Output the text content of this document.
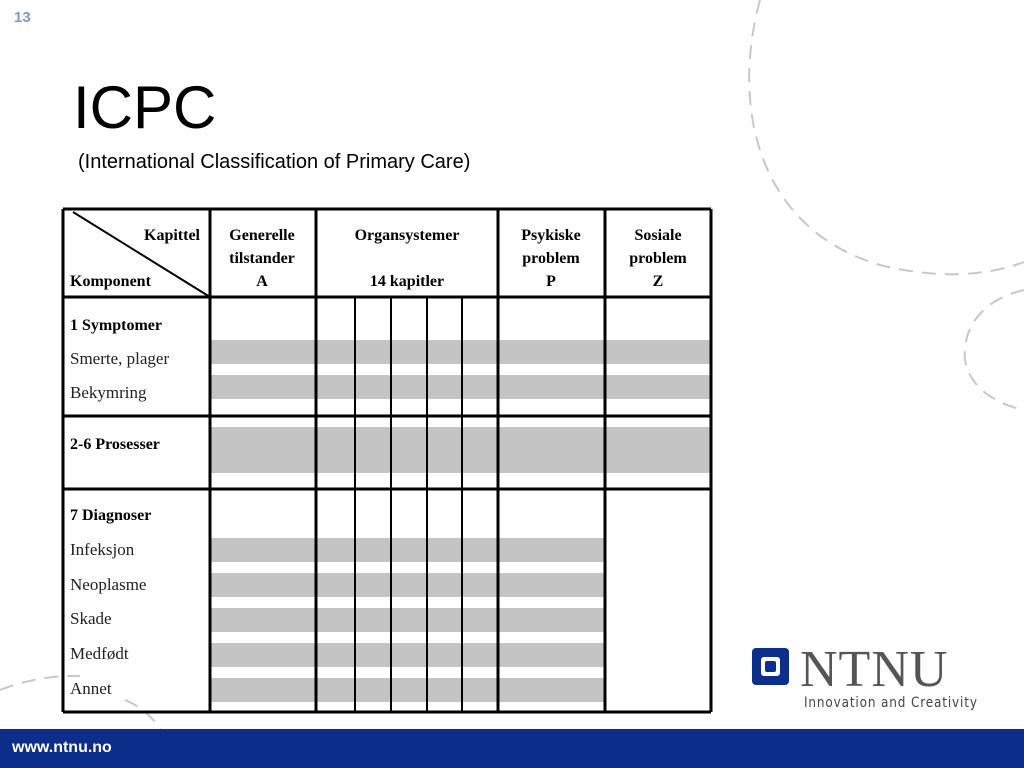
13
ICPC
(International Classification of Primary Care)
Kapittel
Komponent
Generelle
tilstander
A
Organsystemer
14 kapitler
Psykiske
problem
P
Sosiale
problem
Z
1 Symptomer
Smerte, plager
Bekymring
2-6 Prosesser
7 Diagnoser
Infeksjon
Neoplasme
Skade
Medfødt
Annet	NTNU
Innovation and Creativity
www.ntnu.no
